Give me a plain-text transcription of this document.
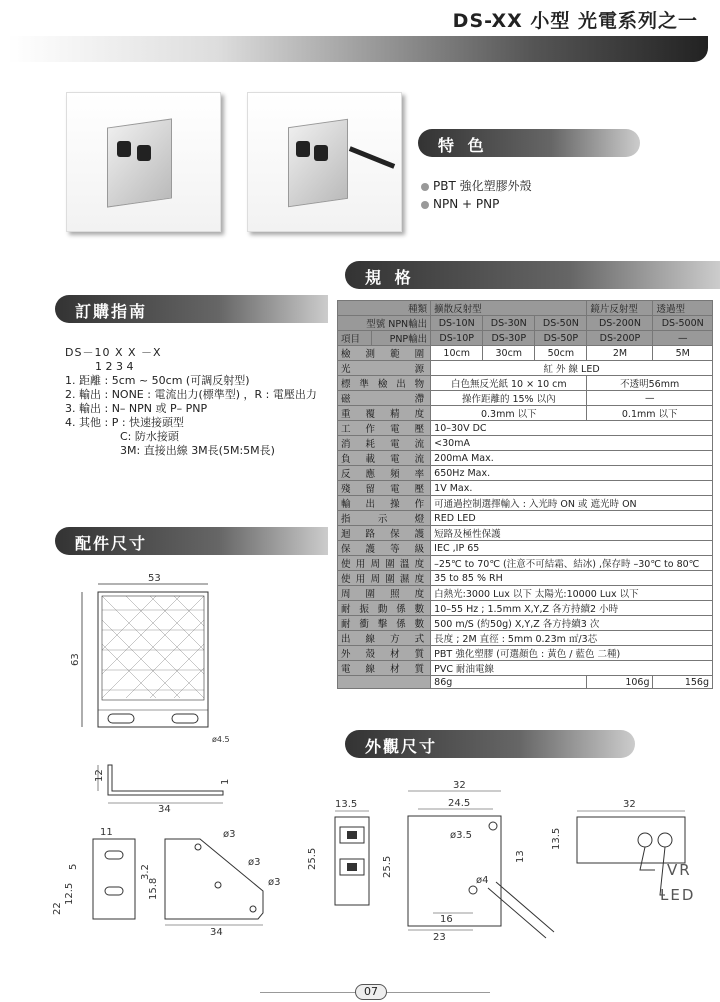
DS-XX 小型 光電系列之一
特 色
PBT 強化塑膠外殼
NPN + PNP
規 格
訂購指南
DS－10 X X －X
1 2 3 4
1. 距離 : 5cm ~ 50cm (可調反射型)
2. 輸出 : NONE : 電流出力(標準型) ，R : 電壓出力
3. 輸出 : N– NPN 或 P– PNP
4. 其他 : P : 快速接頭型
C: 防水接頭
3M: 直接出線 3M長(5M:5M長)
配件尺寸
種類		擴散反射型			鏡片反射型	透過型
型號 NPN輸出		DS-10N	DS-30N	DS-50N	DS-200N	DS-500N
項目	PNP輸出	DS-10P	DS-30P	DS-50P	DS-200P	—
檢測範圍		10cm	30cm	50cm	2M	5M
光源		紅 外 線 LED				
標準檢出物		白色無反光紙 10 × 10 cm			不透明56mm	
磁滯		操作距離的 15% 以內			—	
重覆精度		0.3mm 以下			0.1mm 以下	
工作電壓		10–30V DC				
消耗電流		<30mA				
負載電流		200mA Max.				
反應頻率		650Hz Max.				
殘留電壓		1V Max.				
輸出操作		可通過控制選擇輸入 : 入光時 ON 或 遮光時 ON				
指示燈		RED LED				
迴路保護		短路及極性保護				
保護等級		IEC ,IP 65				
使用周圍溫度		–25℃ to 70℃ (注意不可結霜、結冰) ,保存時 –30℃ to 80℃				
使用周圍濕度		35 to 85 % RH				
周圍照度		白熱光:3000 Lux 以下 太陽光:10000 Lux 以下				
耐振動係數		10–55 Hz ; 1.5mm X,Y,Z 各方持續2 小時				
耐衝擊係數		500 m/S (約50g) X,Y,Z 各方持續3 次				
出線方式		長度 ; 2M 直徑 : 5mm 0.23m ㎡/3芯				
外殼材質		PBT 強化塑膠 (可選顏色 : 黃色 / 藍色 二種)				
電線材質		PVC 耐油電線				
		86g			106g	156g
53
63
ø4.5
12	1
34
11
5
22
12.5	15.8
3.2
ø3
ø3
ø3
34
外觀尺寸
13.5
25.5
32
24.5
25.5	13
ø3.5
ø4
16
23
32
13.5
VR
LED
07
